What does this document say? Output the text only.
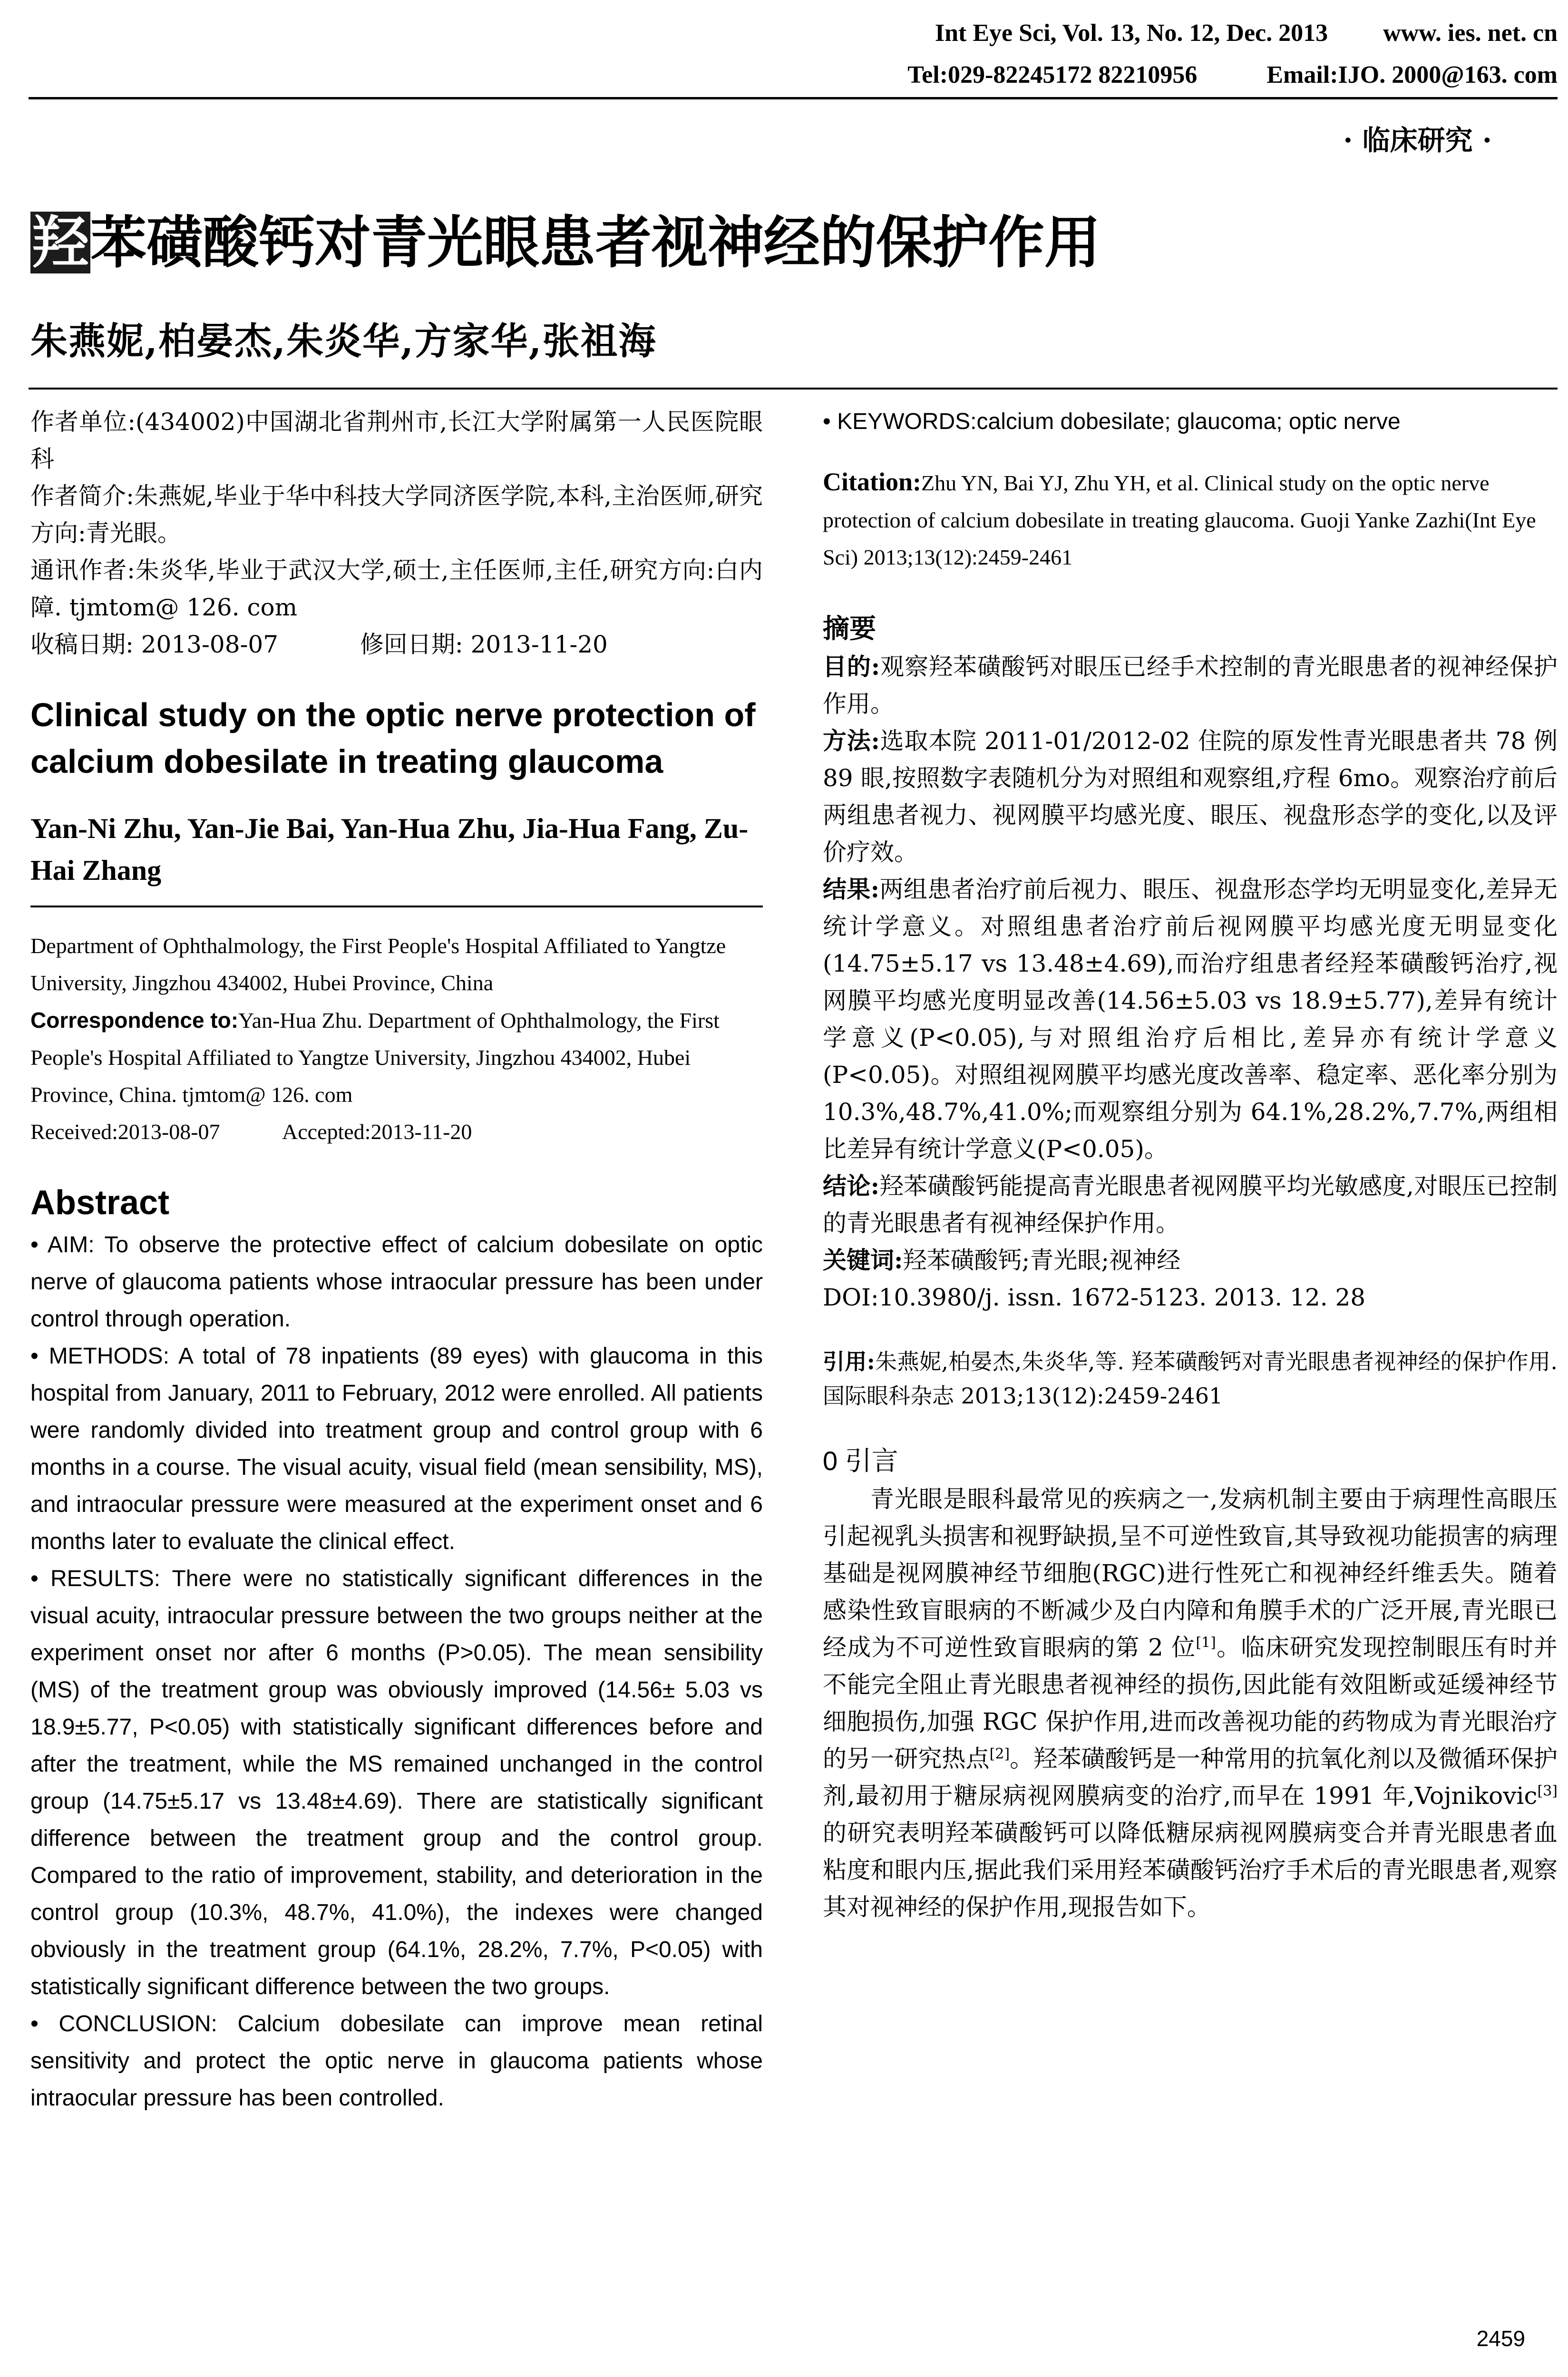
Int Eye Sci, Vol. 13, No. 12, Dec. 2013 www. ies. net. cn
Tel:029-82245172 82210956	Email:IJO. 2000@163. com
· 临床研究 ·
羟 苯磺酸钙对青光眼患者视神经的保护作用
朱燕妮,柏晏杰,朱炎华,方家华,张祖海

作者单位:(434002)中国湖北省荆州市,长江大学附属第一人民医院眼科

作者简介:朱燕妮,毕业于华中科技大学同济医学院,本科,主治医师,研究方向:青光眼。

通讯作者:朱炎华,毕业于武汉大学,硕士,主任医师,主任,研究方向:白内障. tjmtom@ 126. com

收稿日期: 2013-08-07	修回日期: 2013-11-20

Clinical study on the optic nerve protection of calcium dobesilate in treating glaucoma

Yan-Ni Zhu, Yan-Jie Bai, Yan-Hua Zhu, Jia-Hua Fang, Zu-Hai Zhang

Department of Ophthalmology, the First People's Hospital Affiliated to Yangtze University, Jingzhou 434002, Hubei Province, China

Correspondence to:Yan-Hua Zhu. Department of Ophthalmology, the First People's Hospital Affiliated to Yangtze University, Jingzhou 434002, Hubei Province, China. tjmtom@ 126. com

Received:2013-08-07	Accepted:2013-11-20

Abstract

• AIM: To observe the protective effect of calcium dobesilate on optic nerve of glaucoma patients whose intraocular pressure has been under control through operation.

• METHODS: A total of 78 inpatients (89 eyes) with glaucoma in this hospital from January, 2011 to February, 2012 were enrolled. All patients were randomly divided into treatment group and control group with 6 months in a course. The visual acuity, visual field (mean sensibility, MS), and intraocular pressure were measured at the experiment onset and 6 months later to evaluate the clinical effect.

• RESULTS: There were no statistically significant differences in the visual acuity, intraocular pressure between the two groups neither at the experiment onset nor after 6 months (P>0.05). The mean sensibility (MS) of the treatment group was obviously improved (14.56± 5.03 vs 18.9±5.77, P<0.05) with statistically significant differences before and after the treatment, while the MS remained unchanged in the control group (14.75±5.17 vs 13.48±4.69). There are statistically significant difference between the treatment group and the control group. Compared to the ratio of improvement, stability, and deterioration in the control group (10.3%, 48.7%, 41.0%), the indexes were changed obviously in the treatment group (64.1%, 28.2%, 7.7%, P<0.05) with statistically significant difference between the two groups.

• CONCLUSION: Calcium dobesilate can improve mean retinal sensitivity and protect the optic nerve in glaucoma patients whose intraocular pressure has been controlled.

• KEYWORDS:calcium dobesilate; glaucoma; optic nerve

Citation:Zhu YN, Bai YJ, Zhu YH, et al. Clinical study on the optic nerve protection of calcium dobesilate in treating glaucoma. Guoji Yanke Zazhi(Int Eye Sci) 2013;13(12):2459-2461

摘要

目的:观察羟苯磺酸钙对眼压已经手术控制的青光眼患者的视神经保护作用。

方法:选取本院 2011-01/2012-02 住院的原发性青光眼患者共 78 例 89 眼,按照数字表随机分为对照组和观察组,疗程 6mo。观察治疗前后两组患者视力、视网膜平均感光度、眼压、视盘形态学的变化,以及评价疗效。

结果:两组患者治疗前后视力、眼压、视盘形态学均无明显变化,差异无统计学意义。对照组患者治疗前后视网膜平均感光度无明显变化(14.75±5.17 vs 13.48±4.69),而治疗组患者经羟苯磺酸钙治疗,视网膜平均感光度明显改善(14.56±5.03 vs 18.9±5.77),差异有统计学意义(P<0.05),与对照组治疗后相比,差异亦有统计学意义(P<0.05)。对照组视网膜平均感光度改善率、稳定率、恶化率分别为 10.3%,48.7%,41.0%;而观察组分别为 64.1%,28.2%,7.7%,两组相比差异有统计学意义(P<0.05)。

结论:羟苯磺酸钙能提高青光眼患者视网膜平均光敏感度,对眼压已控制的青光眼患者有视神经保护作用。

关键词:羟苯磺酸钙;青光眼;视神经

DOI:10.3980/j. issn. 1672-5123. 2013. 12. 28

引用:朱燕妮,柏晏杰,朱炎华,等. 羟苯磺酸钙对青光眼患者视神经的保护作用. 国际眼科杂志 2013;13(12):2459-2461

0 引言

青光眼是眼科最常见的疾病之一,发病机制主要由于病理性高眼压引起视乳头损害和视野缺损,呈不可逆性致盲,其导致视功能损害的病理基础是视网膜神经节细胞(RGC)进行性死亡和视神经纤维丢失。随着感染性致盲眼病的不断减少及白内障和角膜手术的广泛开展,青光眼已经成为不可逆性致盲眼病的第 2 位[1]。临床研究发现控制眼压有时并不能完全阻止青光眼患者视神经的损伤,因此能有效阻断或延缓神经节细胞损伤,加强 RGC 保护作用,进而改善视功能的药物成为青光眼治疗的另一研究热点[2]。羟苯磺酸钙是一种常用的抗氧化剂以及微循环保护剂,最初用于糖尿病视网膜病变的治疗,而早在 1991 年,Vojnikovic[3]的研究表明羟苯磺酸钙可以降低糖尿病视网膜病变合并青光眼患者血粘度和眼内压,据此我们采用羟苯磺酸钙治疗手术后的青光眼患者,观察其对视神经的保护作用,现报告如下。

2459
